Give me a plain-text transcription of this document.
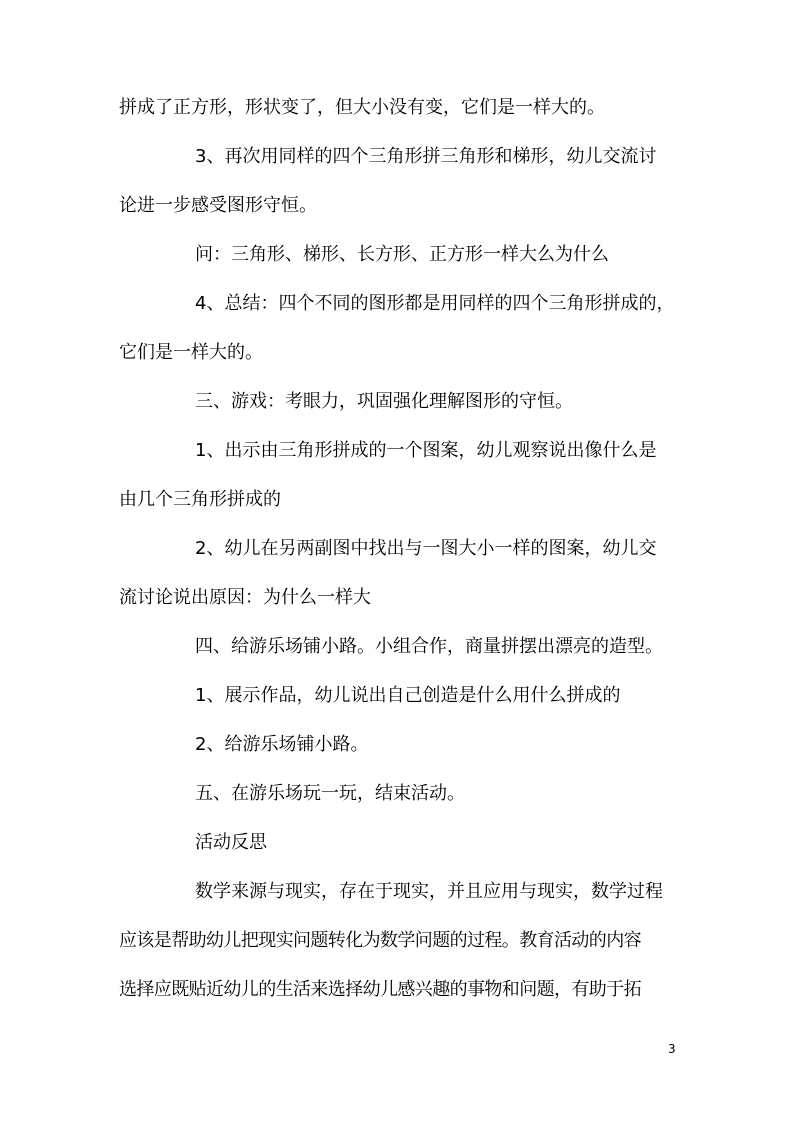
拼成了正方形，形状变了，但大小没有变，它们是一样大的。
3、再次用同样的四个三角形拼三角形和梯形，幼儿交流讨
论进一步感受图形守恒。
问：三角形、梯形、长方形、正方形一样大么为什么
4、总结：四个不同的图形都是用同样的四个三角形拼成的，
它们是一样大的。
三、游戏：考眼力，巩固强化理解图形的守恒。
1、出示由三角形拼成的一个图案，幼儿观察说出像什么是
由几个三角形拼成的
2、幼儿在另两副图中找出与一图大小一样的图案，幼儿交
流讨论说出原因：为什么一样大
四、给游乐场铺小路。小组合作，商量拼摆出漂亮的造型。
1、展示作品，幼儿说出自己创造是什么用什么拼成的
2、给游乐场铺小路。
五、在游乐场玩一玩，结束活动。
活动反思
数学来源与现实，存在于现实，并且应用与现实，数学过程
应该是帮助幼儿把现实问题转化为数学问题的过程。教育活动的内容
选择应既贴近幼儿的生活来选择幼儿感兴趣的事物和问题，有助于拓
3
